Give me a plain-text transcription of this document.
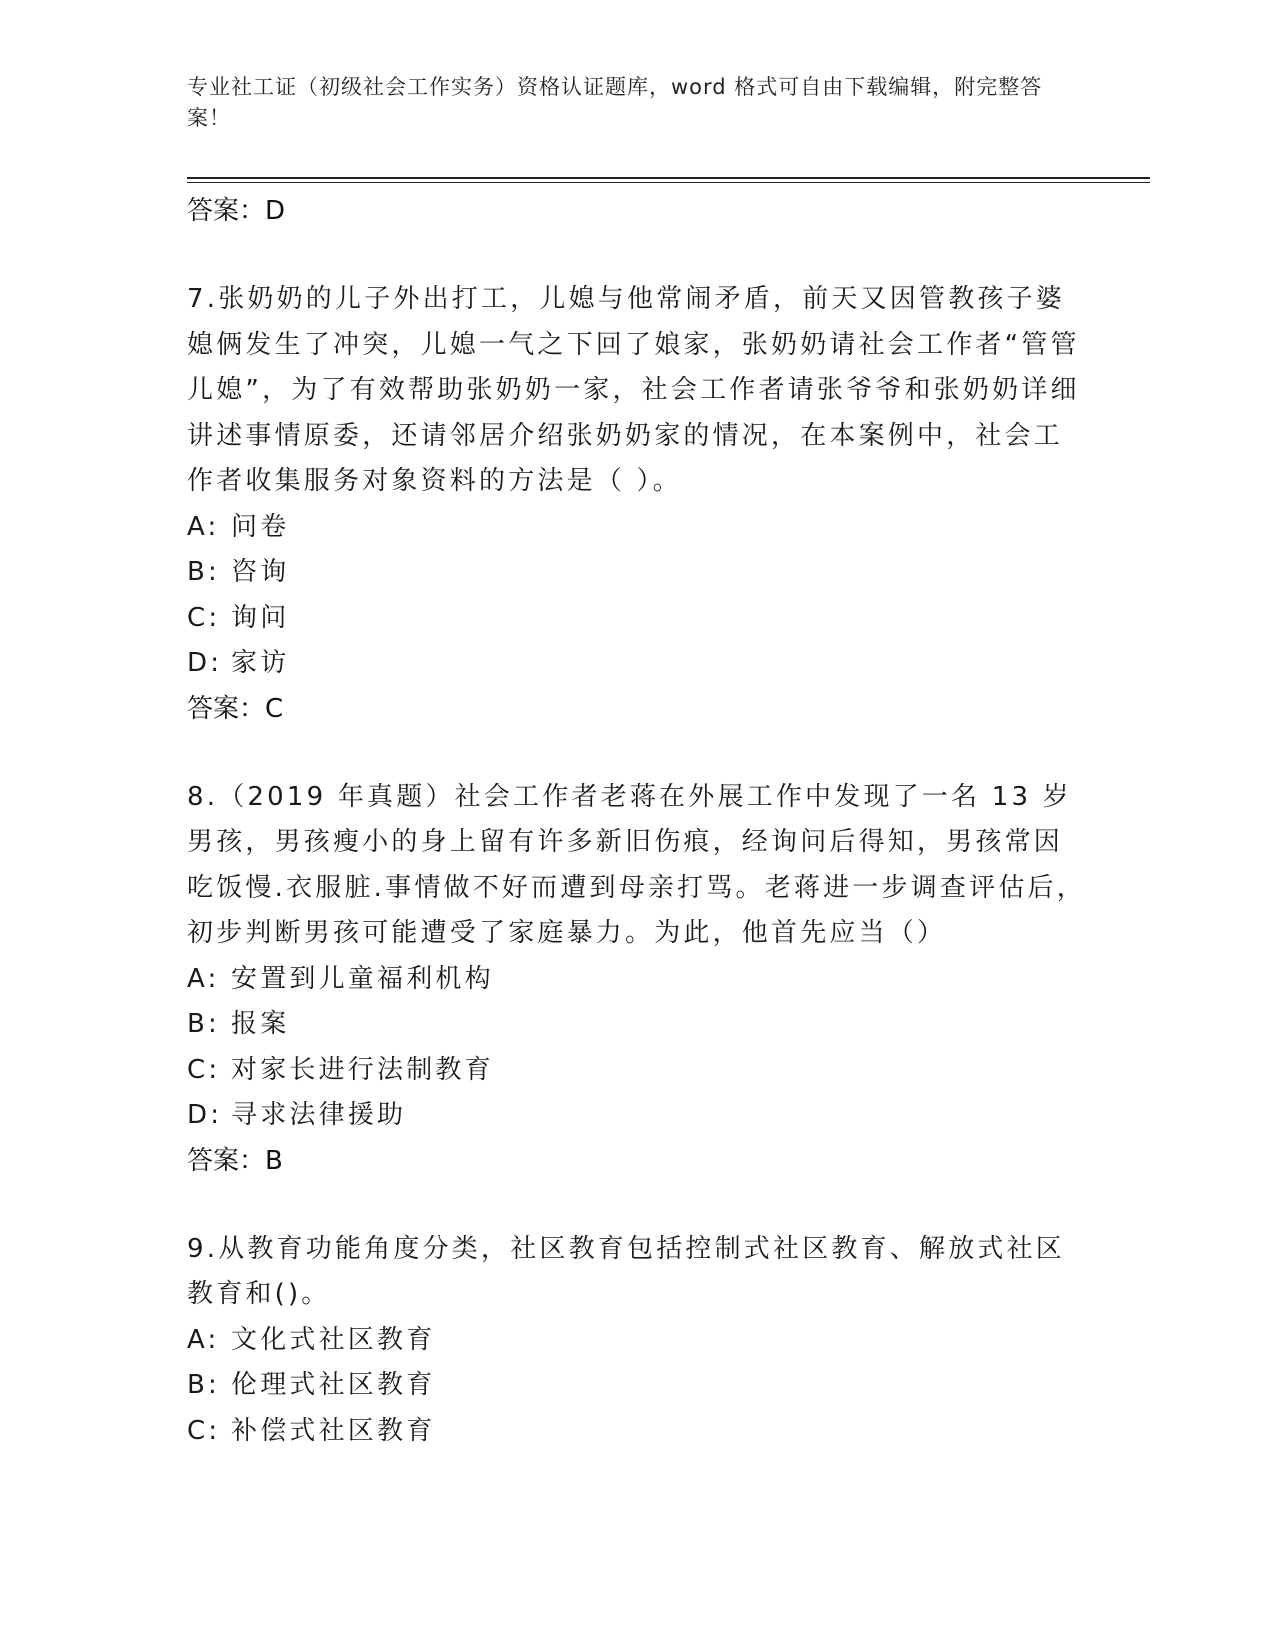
专业社工证（初级社会工作实务）资格认证题库，word 格式可自由下载编辑，附完整答案！
答案：D
7.张奶奶的儿子外出打工，儿媳与他常闹矛盾，前天又因管教孩子婆媳俩发生了冲突，儿媳一气之下回了娘家，张奶奶请社会工作者“管管儿媳”，为了有效帮助张奶奶一家，社会工作者请张爷爷和张奶奶详细讲述事情原委，还请邻居介绍张奶奶家的情况，在本案例中，社会工作者收集服务对象资料的方法是（ ）。
A: 问卷
B: 咨询
C: 询问
D: 家访
答案：C
8.（2019 年真题）社会工作者老蒋在外展工作中发现了一名 13 岁男孩，男孩瘦小的身上留有许多新旧伤痕，经询问后得知，男孩常因吃饭慢.衣服脏.事情做不好而遭到母亲打骂。老蒋进一步调查评估后，初步判断男孩可能遭受了家庭暴力。为此，他首先应当（）
A: 安置到儿童福利机构
B: 报案
C: 对家长进行法制教育
D: 寻求法律援助
答案：B
9.从教育功能角度分类，社区教育包括控制式社区教育、解放式社区教育和()。
A: 文化式社区教育
B: 伦理式社区教育
C: 补偿式社区教育
